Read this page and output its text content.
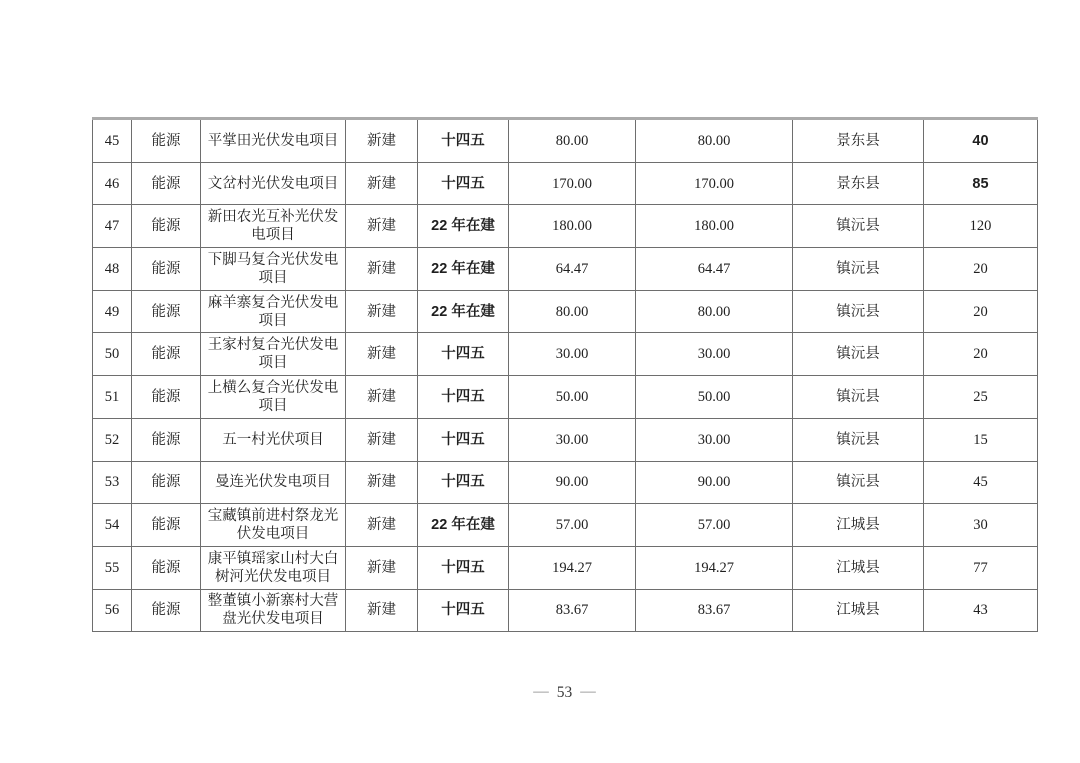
45	能源	平掌田光伏发电项目	新建	十四五	80.00	80.00	景东县	40
46	能源	文岔村光伏发电项目	新建	十四五	170.00	170.00	景东县	85
47	能源	新田农光互补光伏发电项目	新建	22 年在建	180.00	180.00	镇沅县	120
48	能源	下脚马复合光伏发电项目	新建	22 年在建	64.47	64.47	镇沅县	20
49	能源	麻羊寨复合光伏发电项目	新建	22 年在建	80.00	80.00	镇沅县	20
50	能源	王家村复合光伏发电项目	新建	十四五	30.00	30.00	镇沅县	20
51	能源	上横么复合光伏发电项目	新建	十四五	50.00	50.00	镇沅县	25
52	能源	五一村光伏项目	新建	十四五	30.00	30.00	镇沅县	15
53	能源	曼连光伏发电项目	新建	十四五	90.00	90.00	镇沅县	45
54	能源	宝藏镇前进村祭龙光伏发电项目	新建	22 年在建	57.00	57.00	江城县	30
55	能源	康平镇瑶家山村大白树河光伏发电项目	新建	十四五	194.27	194.27	江城县	77
56	能源	整董镇小新寨村大营盘光伏发电项目	新建	十四五	83.67	83.67	江城县	43
— 53 —
